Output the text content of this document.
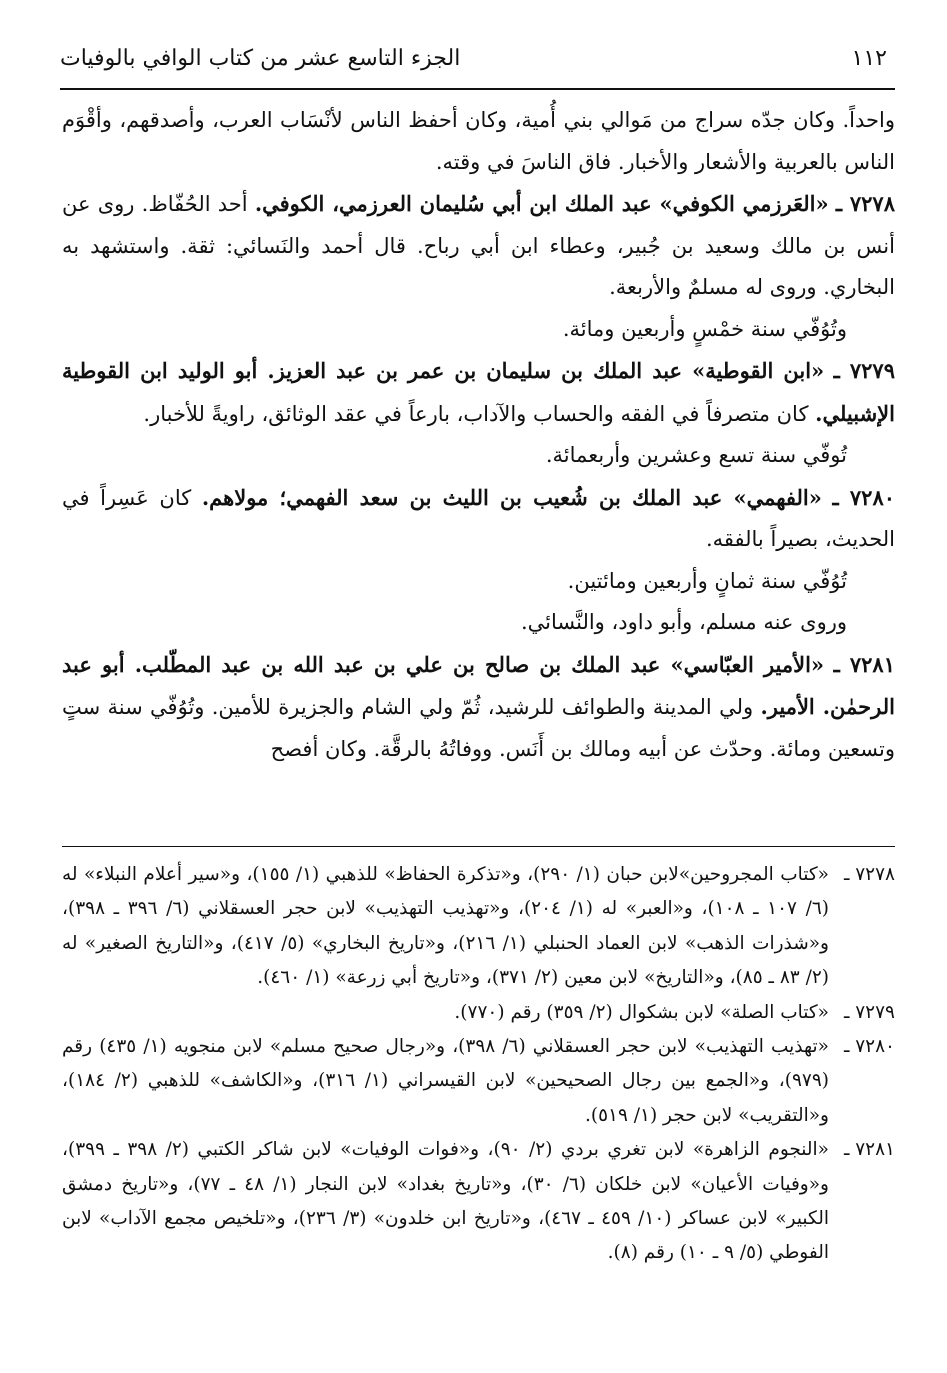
١١٢
الجزء التاسع عشر من كتاب الوافي بالوفيات

واحداً. وكان جدّه سراج من مَوالي بني أُمية، وكان أحفظ الناس لأنْسَاب العرب، وأصدقهم، وأقْوَم الناس بالعربية والأشعار والأخبار. فاق الناسَ في وقته.

٧٢٧٨ ـ «العَرزمي الكوفي» عبد الملك ابن أبي سُليمان العرزمي، الكوفي. أحد الحُفّاظ. روى عن أنس بن مالك وسعيد بن جُبير، وعطاء ابن أبي رباح. قال أحمد والنَسائي: ثقة. واستشهد به البخاري. وروى له مسلمٌ والأربعة.

وتُوُفّي سنة خمْسٍ وأربعين ومائة.

٧٢٧٩ ـ «ابن القوطية» عبد الملك بن سليمان بن عمر بن عبد العزيز. أبو الوليد ابن القوطية الإشبيلي. كان متصرفاً في الفقه والحساب والآداب، بارعاً في عقد الوثائق، راويةً للأخبار.

تُوفّي سنة تسع وعشرين وأربعمائة.

٧٢٨٠ ـ «الفهمي» عبد الملك بن شُعيب بن الليث بن سعد الفهمي؛ مولاهم. كان عَسِراً في الحديث، بصيراً بالفقه.

تُوُفّي سنة ثمانٍ وأربعين ومائتين.

وروى عنه مسلم، وأبو داود، والنَّسائي.

٧٢٨١ ـ «الأمير العبّاسي» عبد الملك بن صالح بن علي بن عبد الله بن عبد المطّلب. أبو عبد الرحمٰن. الأمير. ولي المدينة والطوائف للرشيد، ثُمّ ولي الشام والجزيرة للأمين. وتُوُفّي سنة ستٍ وتسعين ومائة. وحدّث عن أبيه ومالك بن أَنَس. ووفاتُهُ بالرقَّة. وكان أفصح

٧٢٧٨ ـ
«كتاب المجروحين»لابن حبان (١/ ٢٩٠)، و«تذكرة الحفاظ» للذهبي (١/ ١٥٥)، و«سير أعلام النبلاء» له (٦/ ١٠٧ ـ ١٠٨)، و«العبر» له (١/ ٢٠٤)، و«تهذيب التهذيب» لابن حجر العسقلاني (٦/ ٣٩٦ ـ ٣٩٨)، و«شذرات الذهب» لابن العماد الحنبلي (١/ ٢١٦)، و«تاريخ البخاري» (٥/ ٤١٧)، و«التاريخ الصغير» له (٢/ ٨٣ ـ ٨٥)، و«التاريخ» لابن معين (٢/ ٣٧١)، و«تاريخ أبي زرعة» (١/ ٤٦٠).
٧٢٧٩ ـ
«كتاب الصلة» لابن بشكوال (٢/ ٣٥٩) رقم (٧٧٠).
٧٢٨٠ ـ
«تهذيب التهذيب» لابن حجر العسقلاني (٦/ ٣٩٨)، و«رجال صحيح مسلم» لابن منجويه (١/ ٤٣٥) رقم (٩٧٩)، و«الجمع بين رجال الصحيحين» لابن القيسراني (١/ ٣١٦)، و«الكاشف» للذهبي (٢/ ١٨٤)، و«التقريب» لابن حجر (١/ ٥١٩).
٧٢٨١ ـ
«النجوم الزاهرة» لابن تغري بردي (٢/ ٩٠)، و«فوات الوفيات» لابن شاكر الكتبي (٢/ ٣٩٨ ـ ٣٩٩)، و«وفيات الأعيان» لابن خلكان (٦/ ٣٠)، و«تاريخ بغداد» لابن النجار (١/ ٤٨ ـ ٧٧)، و«تاريخ دمشق الكبير» لابن عساكر (١٠/ ٤٥٩ ـ ٤٦٧)، و«تاريخ ابن خلدون» (٣/ ٢٣٦)، و«تلخيص مجمع الآداب» لابن الفوطي (٥/ ٩ ـ ١٠) رقم (٨).
